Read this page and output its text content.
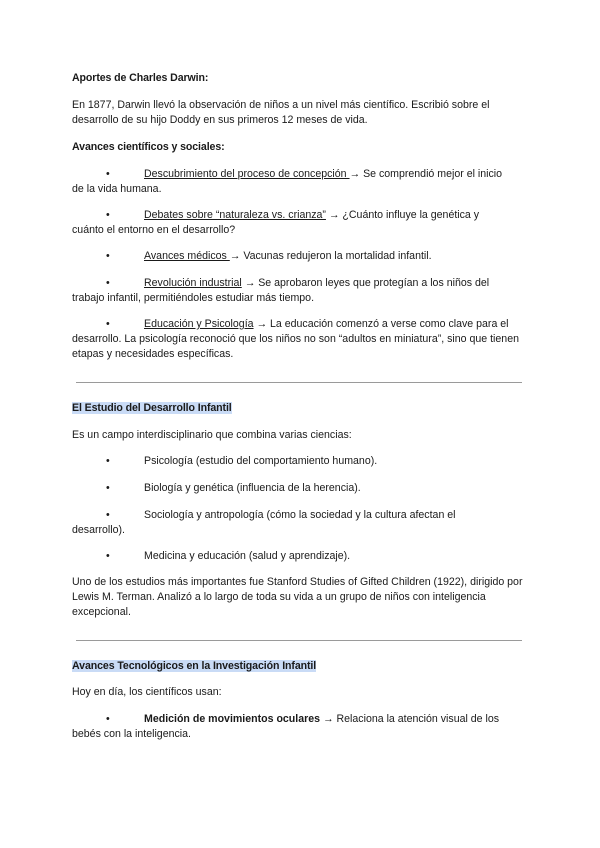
Aportes de Charles Darwin:

En 1877, Darwin llevó la observación de niños a un nivel más científico. Escribió sobre el desarrollo de su hijo Doddy en sus primeros 12 meses de vida.

Avances científicos y sociales:

•	Descubrimiento del proceso de concepción → Se comprendió mejor el inicio
de la vida humana.
•	Debates sobre “naturaleza vs. crianza” → ¿Cuánto influye la genética y
cuánto el entorno en el desarrollo?
•	Avances médicos → Vacunas redujeron la mortalidad infantil.
•	Revolución industrial → Se aprobaron leyes que protegían a los niños del
trabajo infantil, permitiéndoles estudiar más tiempo.
•	Educación y Psicología → La educación comenzó a verse como clave para el
desarrollo. La psicología reconoció que los niños no son “adultos en miniatura”, sino que tienen etapas y necesidades específicas.

El Estudio del Desarrollo Infantil

Es un campo interdisciplinario que combina varias ciencias:

•	Psicología (estudio del comportamiento humano).
•	Biología y genética (influencia de la herencia).
•	Sociología y antropología (cómo la sociedad y la cultura afectan el
desarrollo).
•	Medicina y educación (salud y aprendizaje).

Uno de los estudios más importantes fue Stanford Studies of Gifted Children (1922), dirigido por Lewis M. Terman. Analizó a lo largo de toda su vida a un grupo de niños con inteligencia excepcional.

Avances Tecnológicos en la Investigación Infantil

Hoy en día, los científicos usan:

•	Medición de movimientos oculares → Relaciona la atención visual de los
bebés con la inteligencia.
